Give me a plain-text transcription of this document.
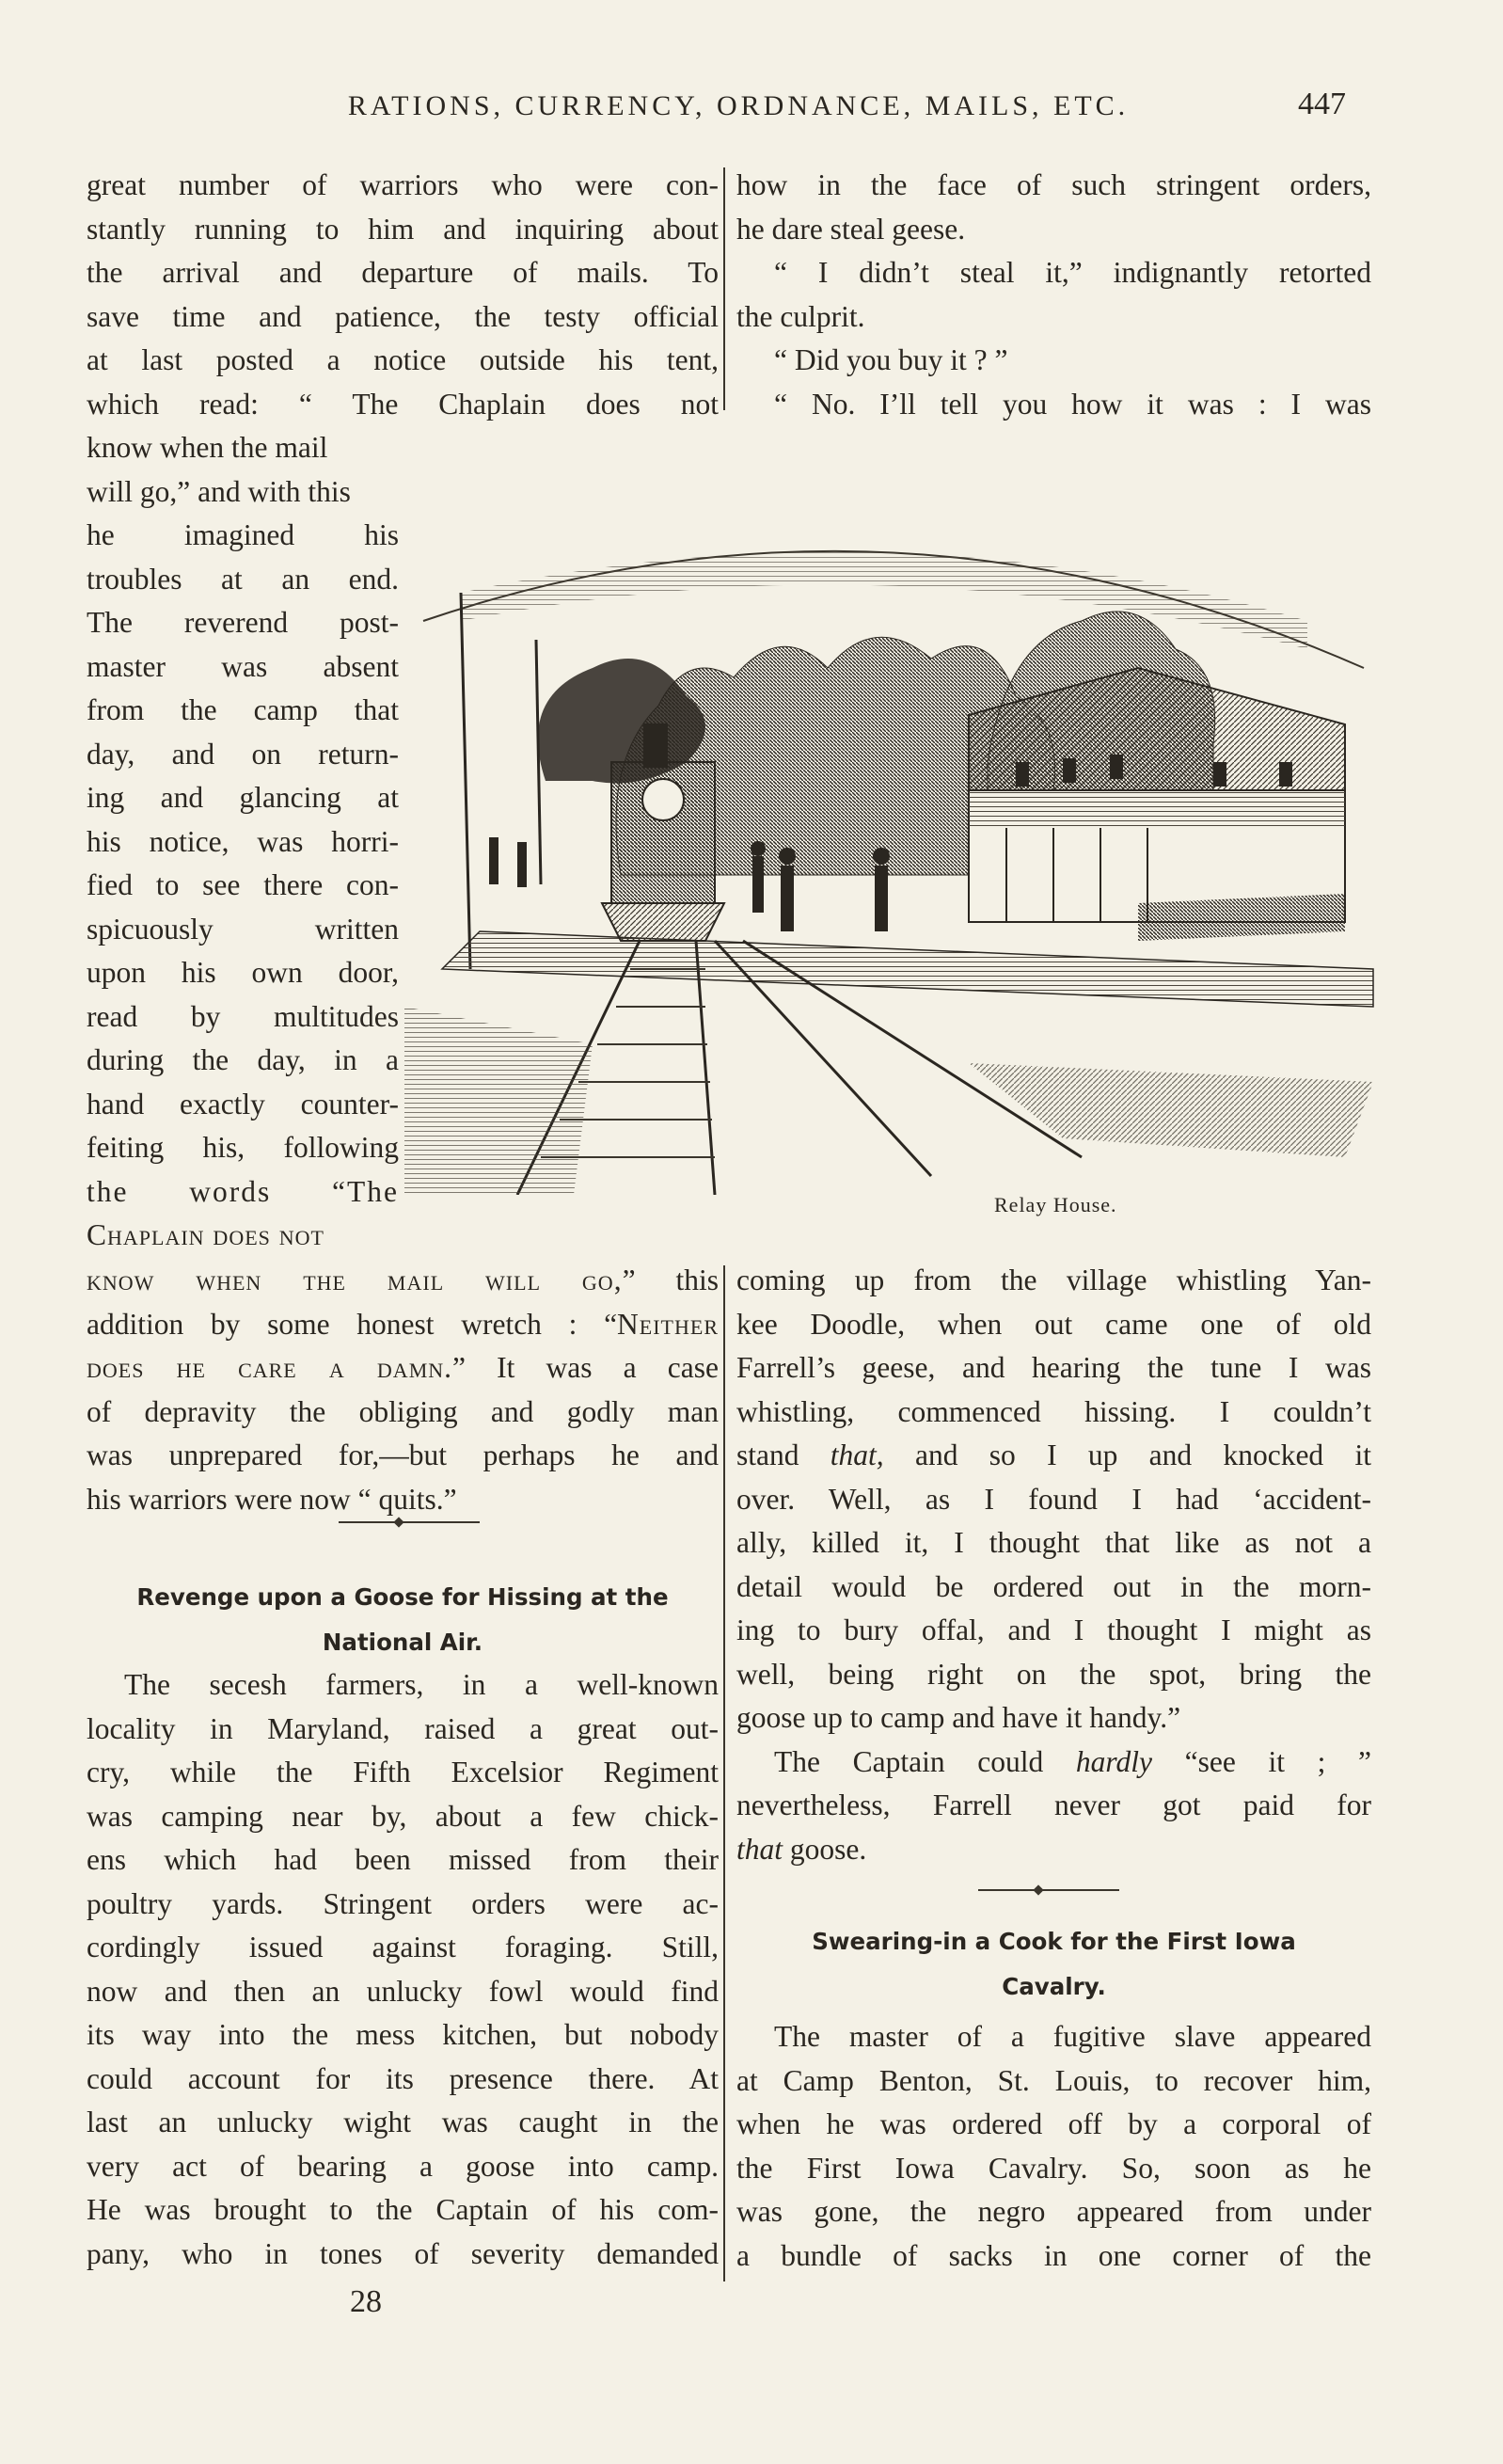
RATIONS, CURRENCY, ORDNANCE, MAILS, ETC.	447

great number of warriors who were con-

stantly running to him and inquiring about

the arrival and departure of mails. To

save time and patience, the testy official

at last posted a notice outside his tent,

which read: “ The Chaplain does not

how in the face of such stringent orders,

he dare steal geese.

“ I didn’t steal it,” indignantly retorted

the culprit.

“ Did you buy it ? ”

“ No. I’ll tell you how it was : I was

know when the mail

will go,” and with this

he imagined his

troubles at an end.

The reverend post-

master was absent

from the camp that

day, and on return-

ing and glancing at

his notice, was horri-

fied to see there con-

spicuously written

upon his own door,

read by multitudes

during the day, in a

hand exactly counter-

feiting his, following

the words “The

Chaplain does not

Relay House.

know when the mail will go,” this

addition by some honest wretch : “Neither

does he care a damn.” It was a case

of depravity the obliging and godly man

was unprepared for,—but perhaps he and

his warriors were now “ quits.”

Revenge upon a Goose for Hissing at the
National Air.

The secesh farmers, in a well-known

locality in Maryland, raised a great out-

cry, while the Fifth Excelsior Regiment

was camping near by, about a few chick-

ens which had been missed from their

poultry yards. Stringent orders were ac-

cordingly issued against foraging. Still,

now and then an unlucky fowl would find

its way into the mess kitchen, but nobody

could account for its presence there. At

last an unlucky wight was caught in the

very act of bearing a goose into camp.

He was brought to the Captain of his com-

pany, who in tones of severity demanded

coming up from the village whistling Yan-

kee Doodle, when out came one of old

Farrell’s geese, and hearing the tune I was

whistling, commenced hissing. I couldn’t

stand that, and so I up and knocked it

over. Well, as I found I had ‘accident-

ally, killed it, I thought that like as not a

detail would be ordered out in the morn-

ing to bury offal, and I thought I might as

well, being right on the spot, bring the

goose up to camp and have it handy.”

The Captain could hardly “see it ; ”

nevertheless, Farrell never got paid for

that goose.

Swearing-in a Cook for the First Iowa
Cavalry.

The master of a fugitive slave appeared

at Camp Benton, St. Louis, to recover him,

when he was ordered off by a corporal of

the First Iowa Cavalry. So, soon as he

was gone, the negro appeared from under

a bundle of sacks in one corner of the

28
